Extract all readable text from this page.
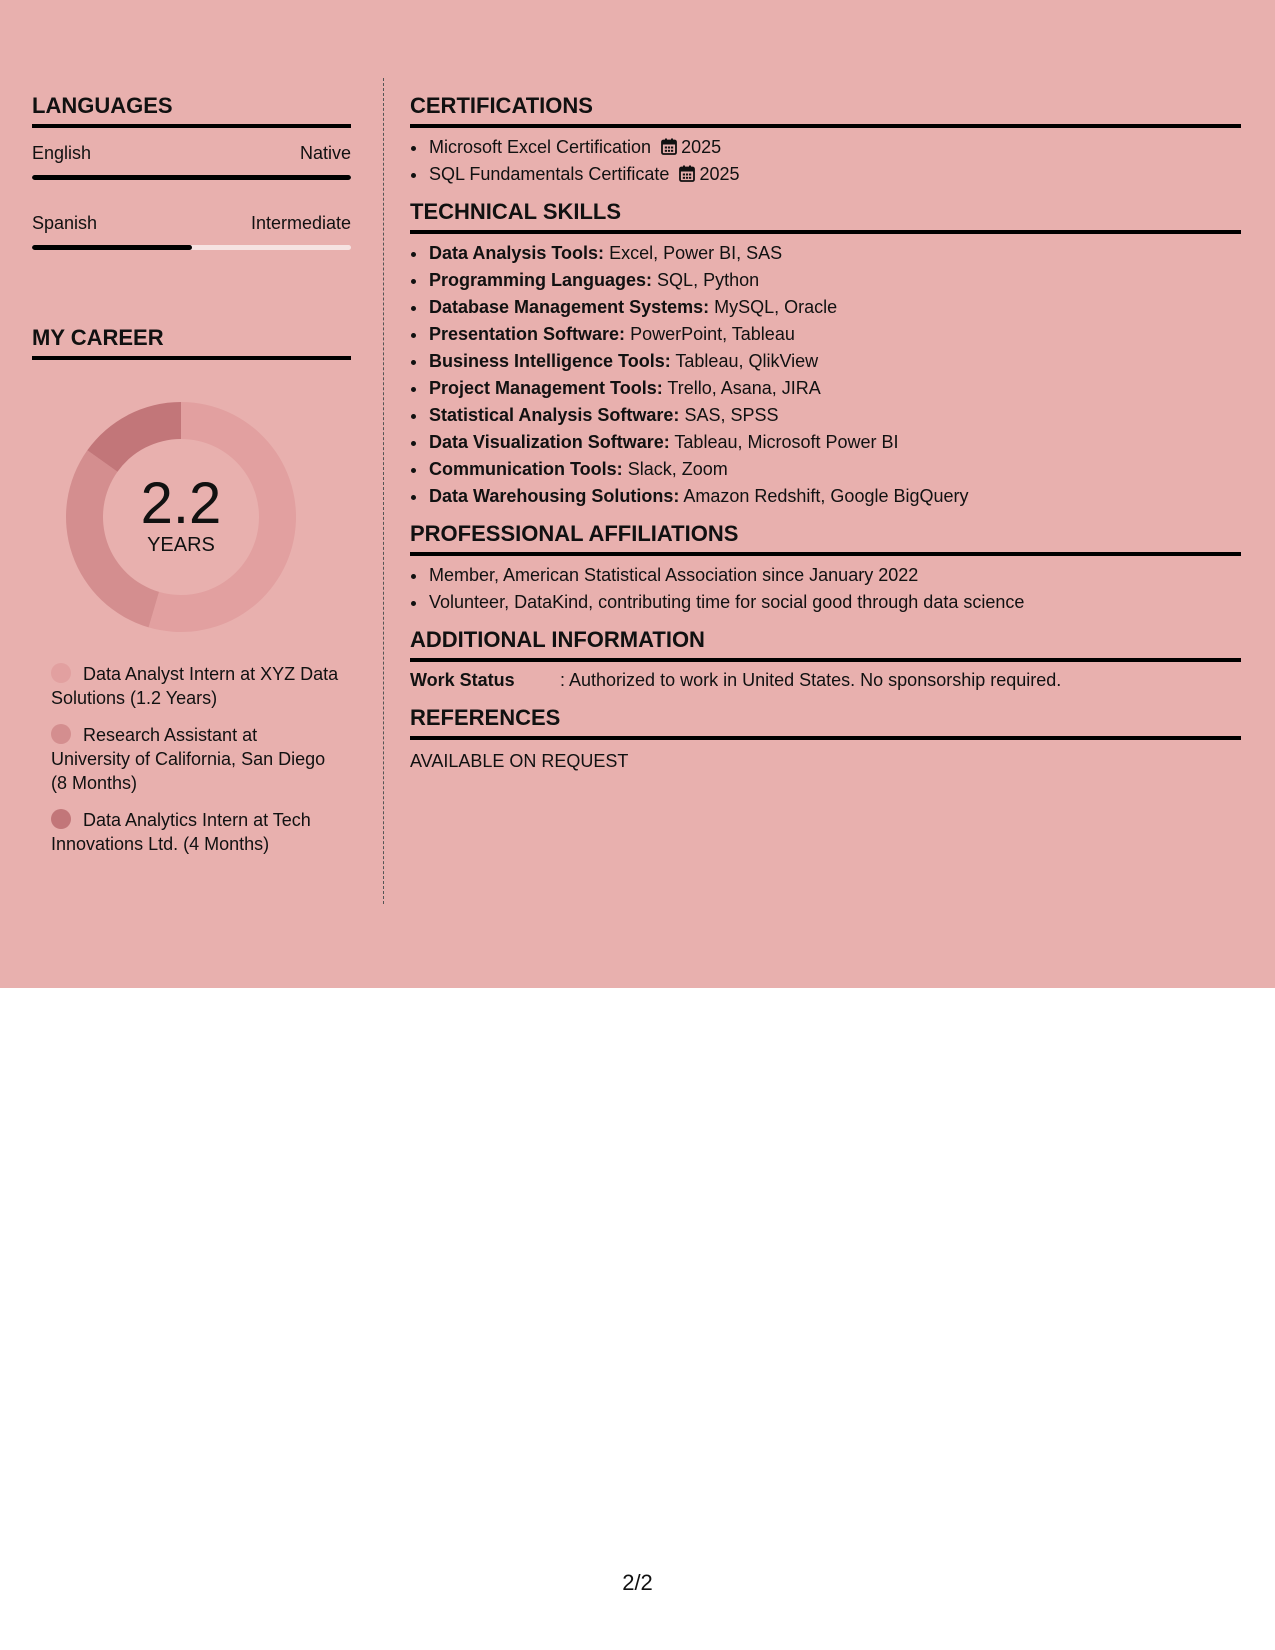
LANGUAGES
English	Native
Spanish	Intermediate
MY CAREER
2.2
YEARS
Data Analyst Intern at XYZ Data Solutions (1.2 Years)
Research Assistant at University of California, San Diego (8 Months)
Data Analytics Intern at Tech Innovations Ltd. (4 Months)
CERTIFICATIONS
• Microsoft Excel Certification 2025
• SQL Fundamentals Certificate 2025
TECHNICAL SKILLS
• Data Analysis Tools: Excel, Power BI, SAS
• Programming Languages: SQL, Python
• Database Management Systems: MySQL, Oracle
• Presentation Software: PowerPoint, Tableau
• Business Intelligence Tools: Tableau, QlikView
• Project Management Tools: Trello, Asana, JIRA
• Statistical Analysis Software: SAS, SPSS
• Data Visualization Software: Tableau, Microsoft Power BI
• Communication Tools: Slack, Zoom
• Data Warehousing Solutions: Amazon Redshift, Google BigQuery
PROFESSIONAL AFFILIATIONS
• Member, American Statistical Association since January 2022
• Volunteer, DataKind, contributing time for social good through data science
ADDITIONAL INFORMATION
Work Status	: Authorized to work in United States. No sponsorship required.
REFERENCES
AVAILABLE ON REQUEST
2/2
